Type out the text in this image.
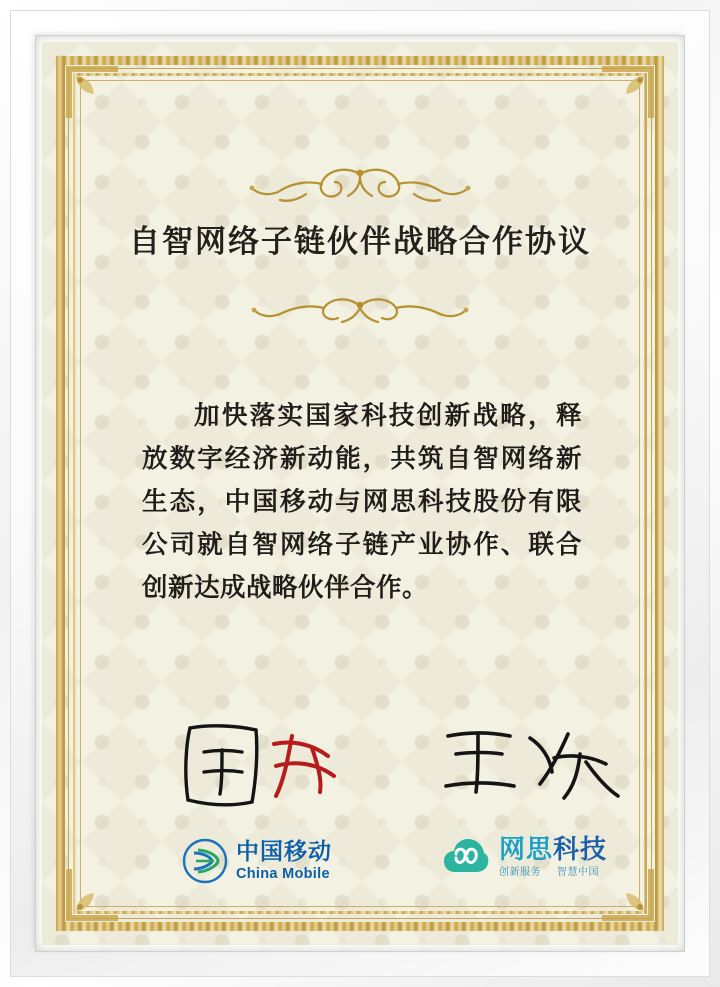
自智网络子链伙伴战略合作协议
加快落实国家科技创新战略，释放数字经济新动能，共筑自智网络新生态，中国移动与网思科技股份有限公司就自智网络子链产业协作、联合创新达成战略伙伴合作。
中国移动
China Mobile
网思科技
创新服务 智慧中国
